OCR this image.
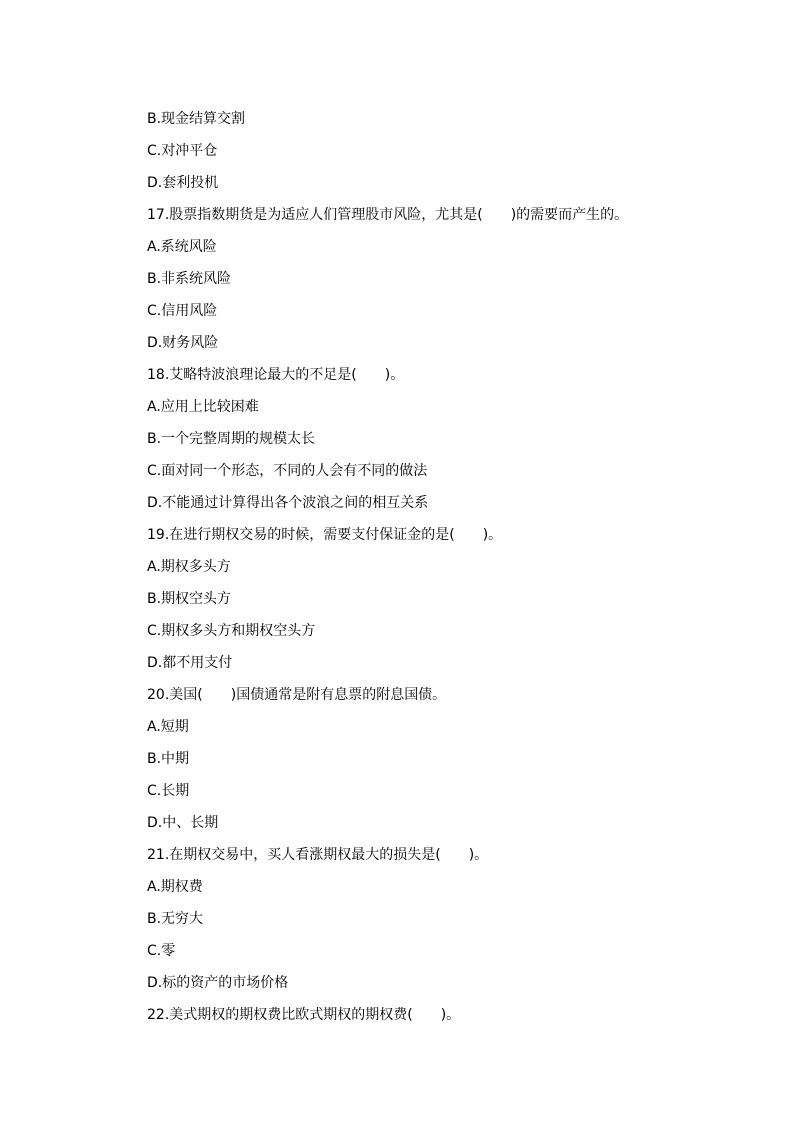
B.现金结算交割
C.对冲平仓
D.套利投机
17.股票指数期货是为适应人们管理股市风险，尤其是(　　)的需要而产生的。
A.系统风险
B.非系统风险
C.信用风险
D.财务风险
18.艾略特波浪理论最大的不足是(　　)。
A.应用上比较困难
B.一个完整周期的规模太长
C.面对同一个形态，不同的人会有不同的做法
D.不能通过计算得出各个波浪之间的相互关系
19.在进行期权交易的时候，需要支付保证金的是(　　)。
A.期权多头方
B.期权空头方
C.期权多头方和期权空头方
D.都不用支付
20.美国(　　)国债通常是附有息票的附息国债。
A.短期
B.中期
C.长期
D.中、长期
21.在期权交易中，买人看涨期权最大的损失是(　　)。
A.期权费
B.无穷大
C.零
D.标的资产的市场价格
22.美式期权的期权费比欧式期权的期权费(　　)。
